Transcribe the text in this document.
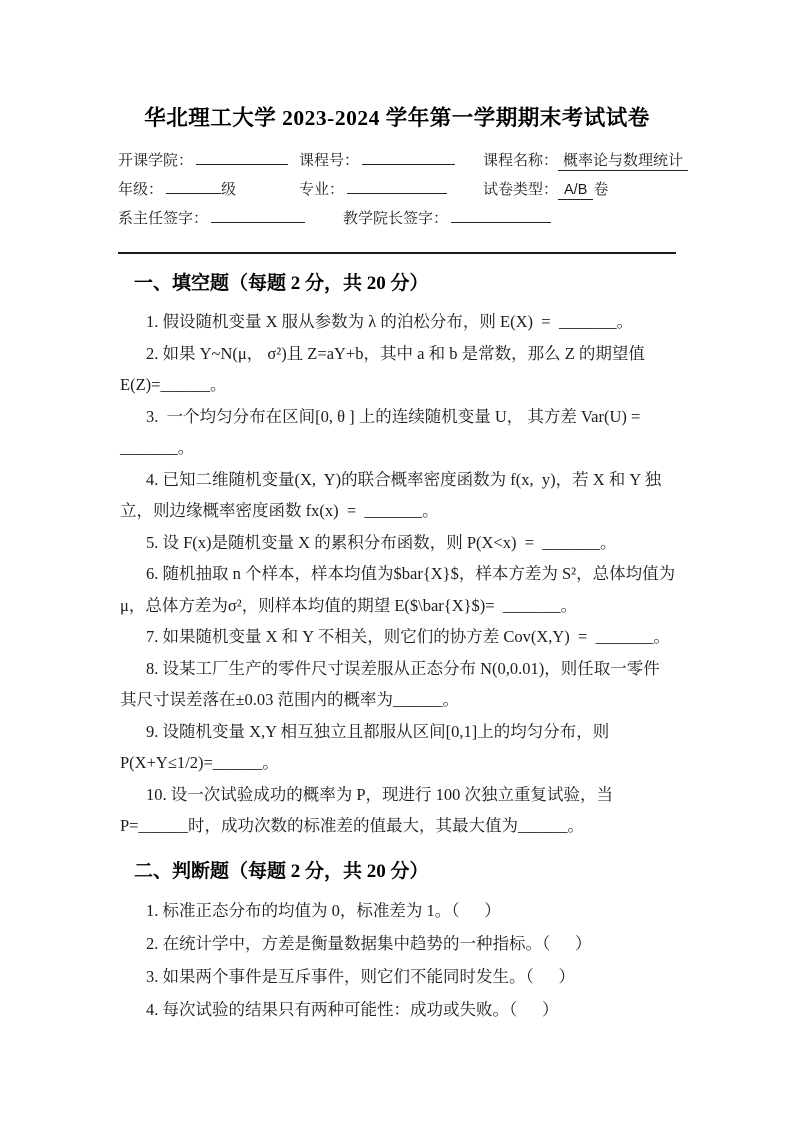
华北理工大学 2023-2024 学年第一学期期末考试试卷
开课学院：	课程号：	课程名称： 概率论与数理统计
年级：	级	专业：	试卷类型： A/B 卷
系主任签字：	教学院长签字：
一、填空题（每题 2 分，共 20 分）

1. 假设随机变量 X 服从参数为 λ 的泊松分布，则 E(X)  =  _______。

2. 如果 Y~N(μ， σ²)且 Z=aY+b，其中 a 和 b 是常数，那么 Z 的期望值E(Z)=______。

3.  一个均匀分布在区间[0, θ ] 上的连续随机变量 U， 其方差 Var(U) =  _______。

4. 已知二维随机变量(X,  Y)的联合概率密度函数为 f(x,  y)，若 X 和 Y 独立，则边缘概率密度函数 fx(x)  =  _______。

5. 设 F(x)是随机变量 X 的累积分布函数，则 P(X<x)  =  _______。

6. 随机抽取 n 个样本，样本均值为$bar{X}$，样本方差为 S²，总体均值为 μ，总体方差为σ²，则样本均值的期望 E($\bar{X}$)=  _______。

7. 如果随机变量 X 和 Y 不相关，则它们的协方差 Cov(X,Y)  =  _______。

8. 设某工厂生产的零件尺寸误差服从正态分布 N(0,0.01)，则任取一零件其尺寸误差落在±0.03 范围内的概率为______。

9. 设随机变量 X,Y 相互独立且都服从区间[0,1]上的均匀分布，则 P(X+Y≤1/2)=______。

10. 设一次试验成功的概率为 P，现进行 100 次独立重复试验，当 P=______时，成功次数的标准差的值最大，其最大值为______。

二、判断题（每题 2 分，共 20 分）

1. 标准正态分布的均值为 0，标准差为 1。（      ）

2. 在统计学中，方差是衡量数据集中趋势的一种指标。（      ）

3. 如果两个事件是互斥事件，则它们不能同时发生。（      ）

4. 每次试验的结果只有两种可能性：成功或失败。（      ）
